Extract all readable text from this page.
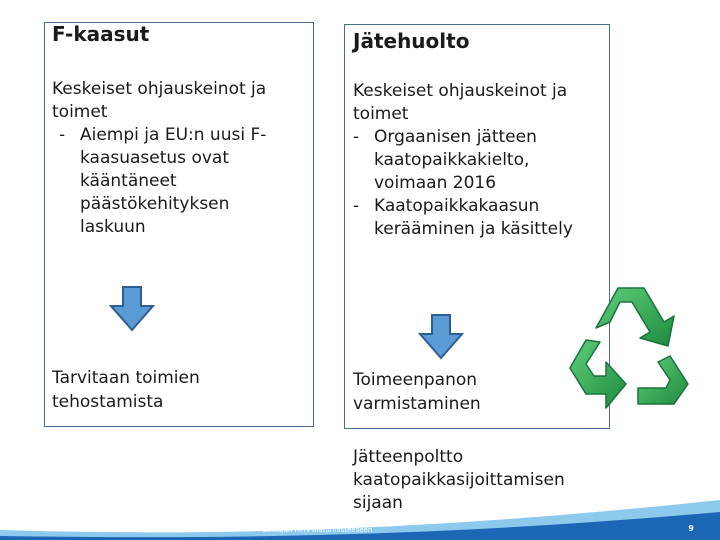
F-kaasut
Keskeiset ohjauskeinot ja toimet
- Aiempi ja EU:n uusi F-kaasuasetus ovat kääntäneet päästökehityksen laskuun
Tarvitaan toimien tehostamista
Jätehuolto
Keskeiset ohjauskeinot ja toimet
- Orgaanisen jätteen kaatopaikkakielto, voimaan 2016
- Kaatopaikkakaasun kerääminen ja käsittely
Toimeenpanon varmistaminen
Jätteenpoltto kaatopaikkasijoittamisen sijaan
Esittäjän nimi alatunnisteeseen	9
